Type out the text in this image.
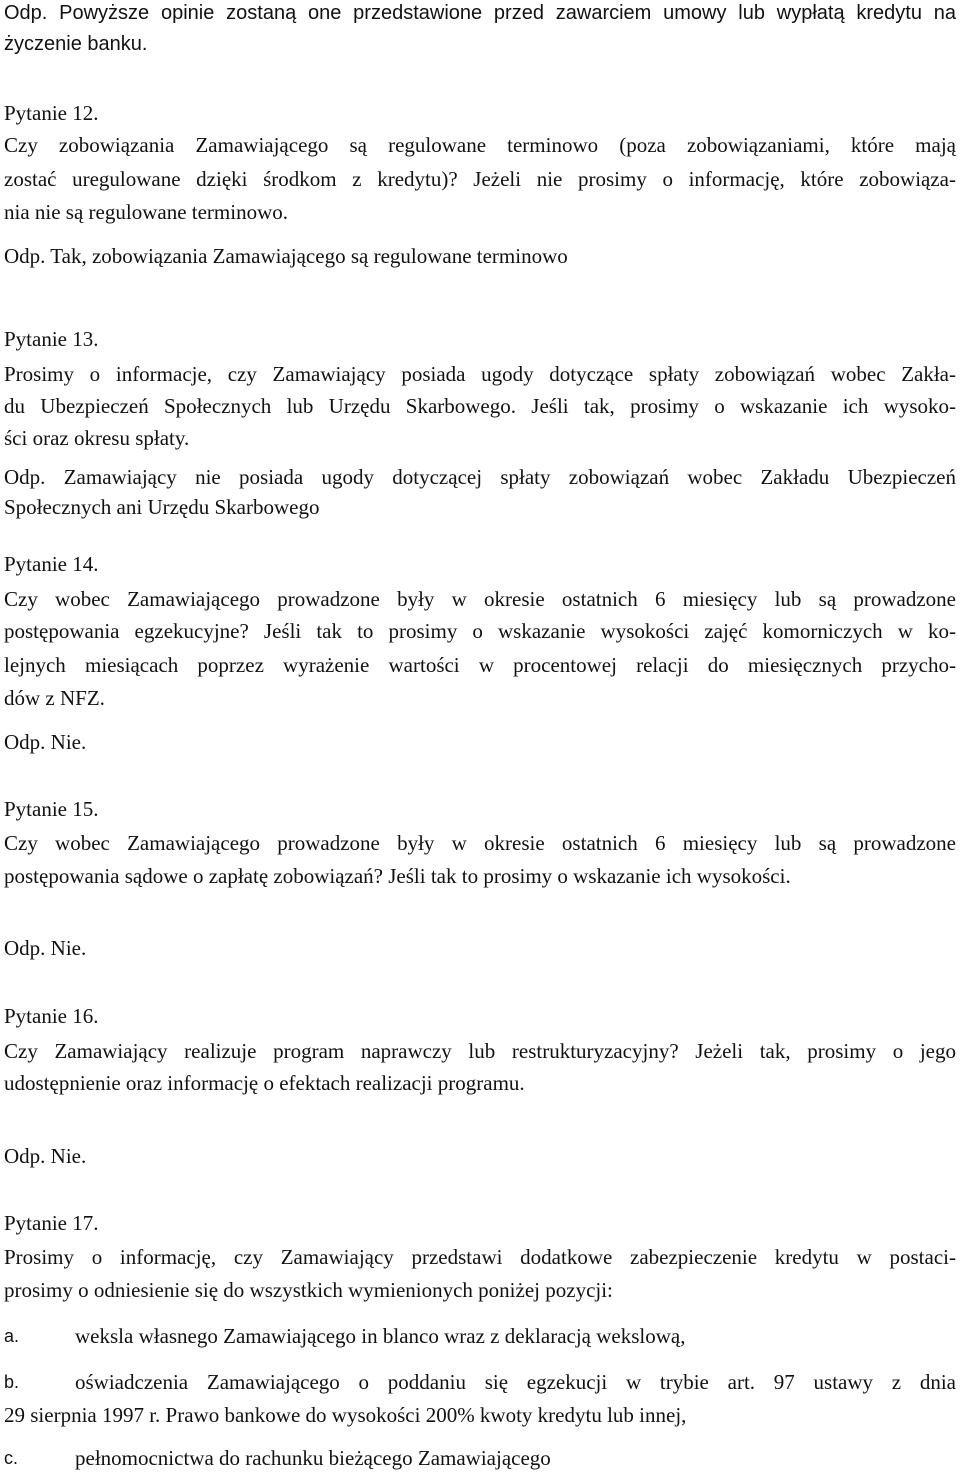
Odp. Powyższe opinie zostaną one przedstawione przed zawarciem umowy lub wypłatą kredytu na

życzenie banku.

Pytanie 12.

Czy zobowiązania Zamawiającego są regulowane terminowo (poza zobowiązaniami, które mają

zostać uregulowane dzięki środkom z kredytu)? Jeżeli nie prosimy o informację, które zobowiąza-

nia nie są regulowane terminowo.

Odp. Tak, zobowiązania Zamawiającego są regulowane terminowo

Pytanie 13.

Prosimy o informacje, czy Zamawiający posiada ugody dotyczące spłaty zobowiązań wobec Zakła-

du Ubezpieczeń Społecznych lub Urzędu Skarbowego. Jeśli tak, prosimy o wskazanie ich wysoko-

ści oraz okresu spłaty.

Odp. Zamawiający nie posiada ugody dotyczącej spłaty zobowiązań wobec Zakładu Ubezpieczeń

Społecznych ani Urzędu Skarbowego

Pytanie 14.

Czy wobec Zamawiającego prowadzone były w okresie ostatnich 6 miesięcy lub są prowadzone

postępowania egzekucyjne? Jeśli tak to prosimy o wskazanie wysokości zajęć komorniczych w ko-

lejnych miesiącach poprzez wyrażenie wartości w procentowej relacji do miesięcznych przycho-

dów z NFZ.

Odp. Nie.

Pytanie 15.

Czy wobec Zamawiającego prowadzone były w okresie ostatnich 6 miesięcy lub są prowadzone

postępowania sądowe o zapłatę zobowiązań? Jeśli tak to prosimy o wskazanie ich wysokości.

Odp. Nie.

Pytanie 16.

Czy Zamawiający realizuje program naprawczy lub restrukturyzacyjny? Jeżeli tak, prosimy o jego

udostępnienie oraz informację o efektach realizacji programu.

Odp. Nie.

Pytanie 17.

Prosimy o informację, czy Zamawiający przedstawi dodatkowe zabezpieczenie kredytu w postaci-

prosimy o odniesienie się do wszystkich wymienionych poniżej pozycji:

a.	weksla własnego Zamawiającego in blanco wraz z deklaracją wekslową,

b.	oświadczenia Zamawiającego o poddaniu się egzekucji w trybie art. 97 ustawy z dnia

29 sierpnia 1997 r. Prawo bankowe do wysokości 200% kwoty kredytu lub innej,

c.	pełnomocnictwa do rachunku bieżącego Zamawiającego
